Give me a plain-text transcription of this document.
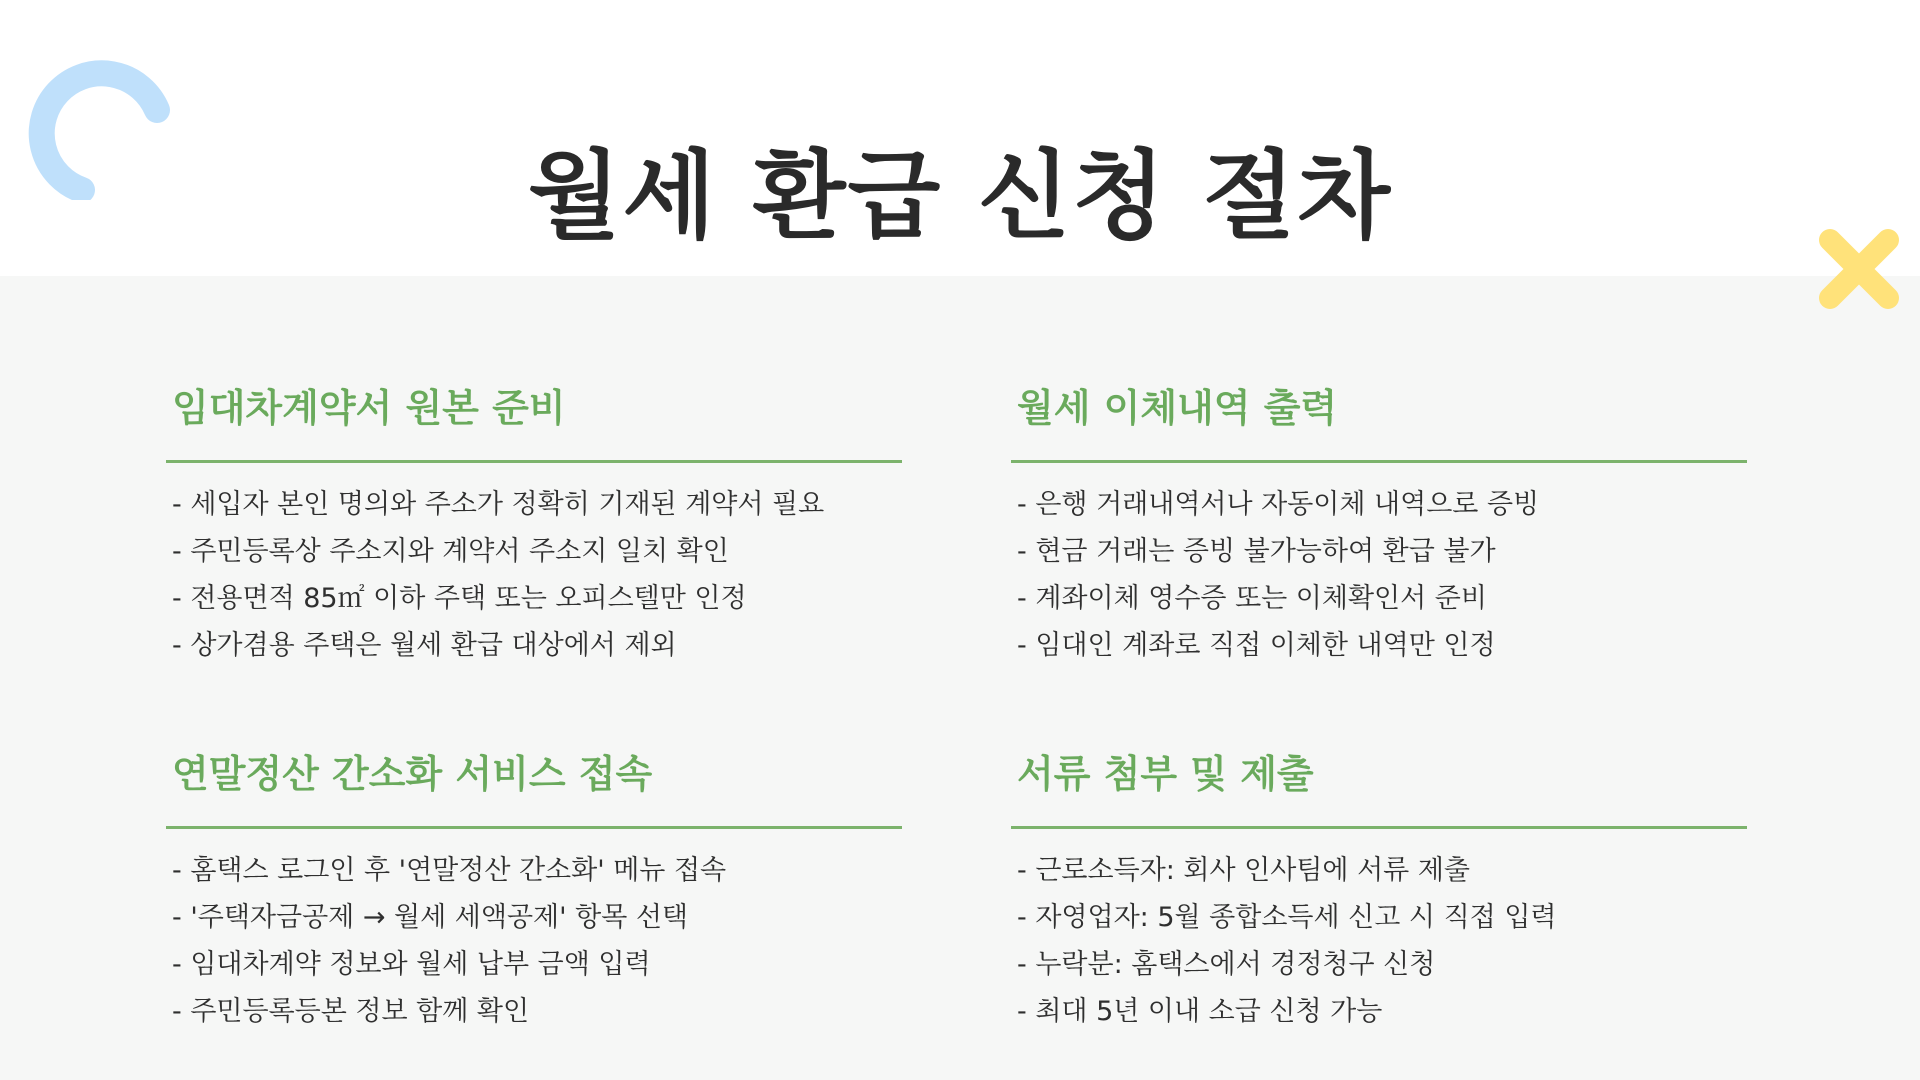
월세 환급 신청 절차
임대차계약서 원본 준비
- 세입자 본인 명의와 주소가 정확히 기재된 계약서 필요
- 주민등록상 주소지와 계약서 주소지 일치 확인
- 전용면적 85㎡ 이하 주택 또는 오피스텔만 인정
- 상가겸용 주택은 월세 환급 대상에서 제외
월세 이체내역 출력
- 은행 거래내역서나 자동이체 내역으로 증빙
- 현금 거래는 증빙 불가능하여 환급 불가
- 계좌이체 영수증 또는 이체확인서 준비
- 임대인 계좌로 직접 이체한 내역만 인정
연말정산 간소화 서비스 접속
- 홈택스 로그인 후 '연말정산 간소화' 메뉴 접속
- '주택자금공제 → 월세 세액공제' 항목 선택
- 임대차계약 정보와 월세 납부 금액 입력
- 주민등록등본 정보 함께 확인
서류 첨부 및 제출
- 근로소득자: 회사 인사팀에 서류 제출
- 자영업자: 5월 종합소득세 신고 시 직접 입력
- 누락분: 홈택스에서 경정청구 신청
- 최대 5년 이내 소급 신청 가능
